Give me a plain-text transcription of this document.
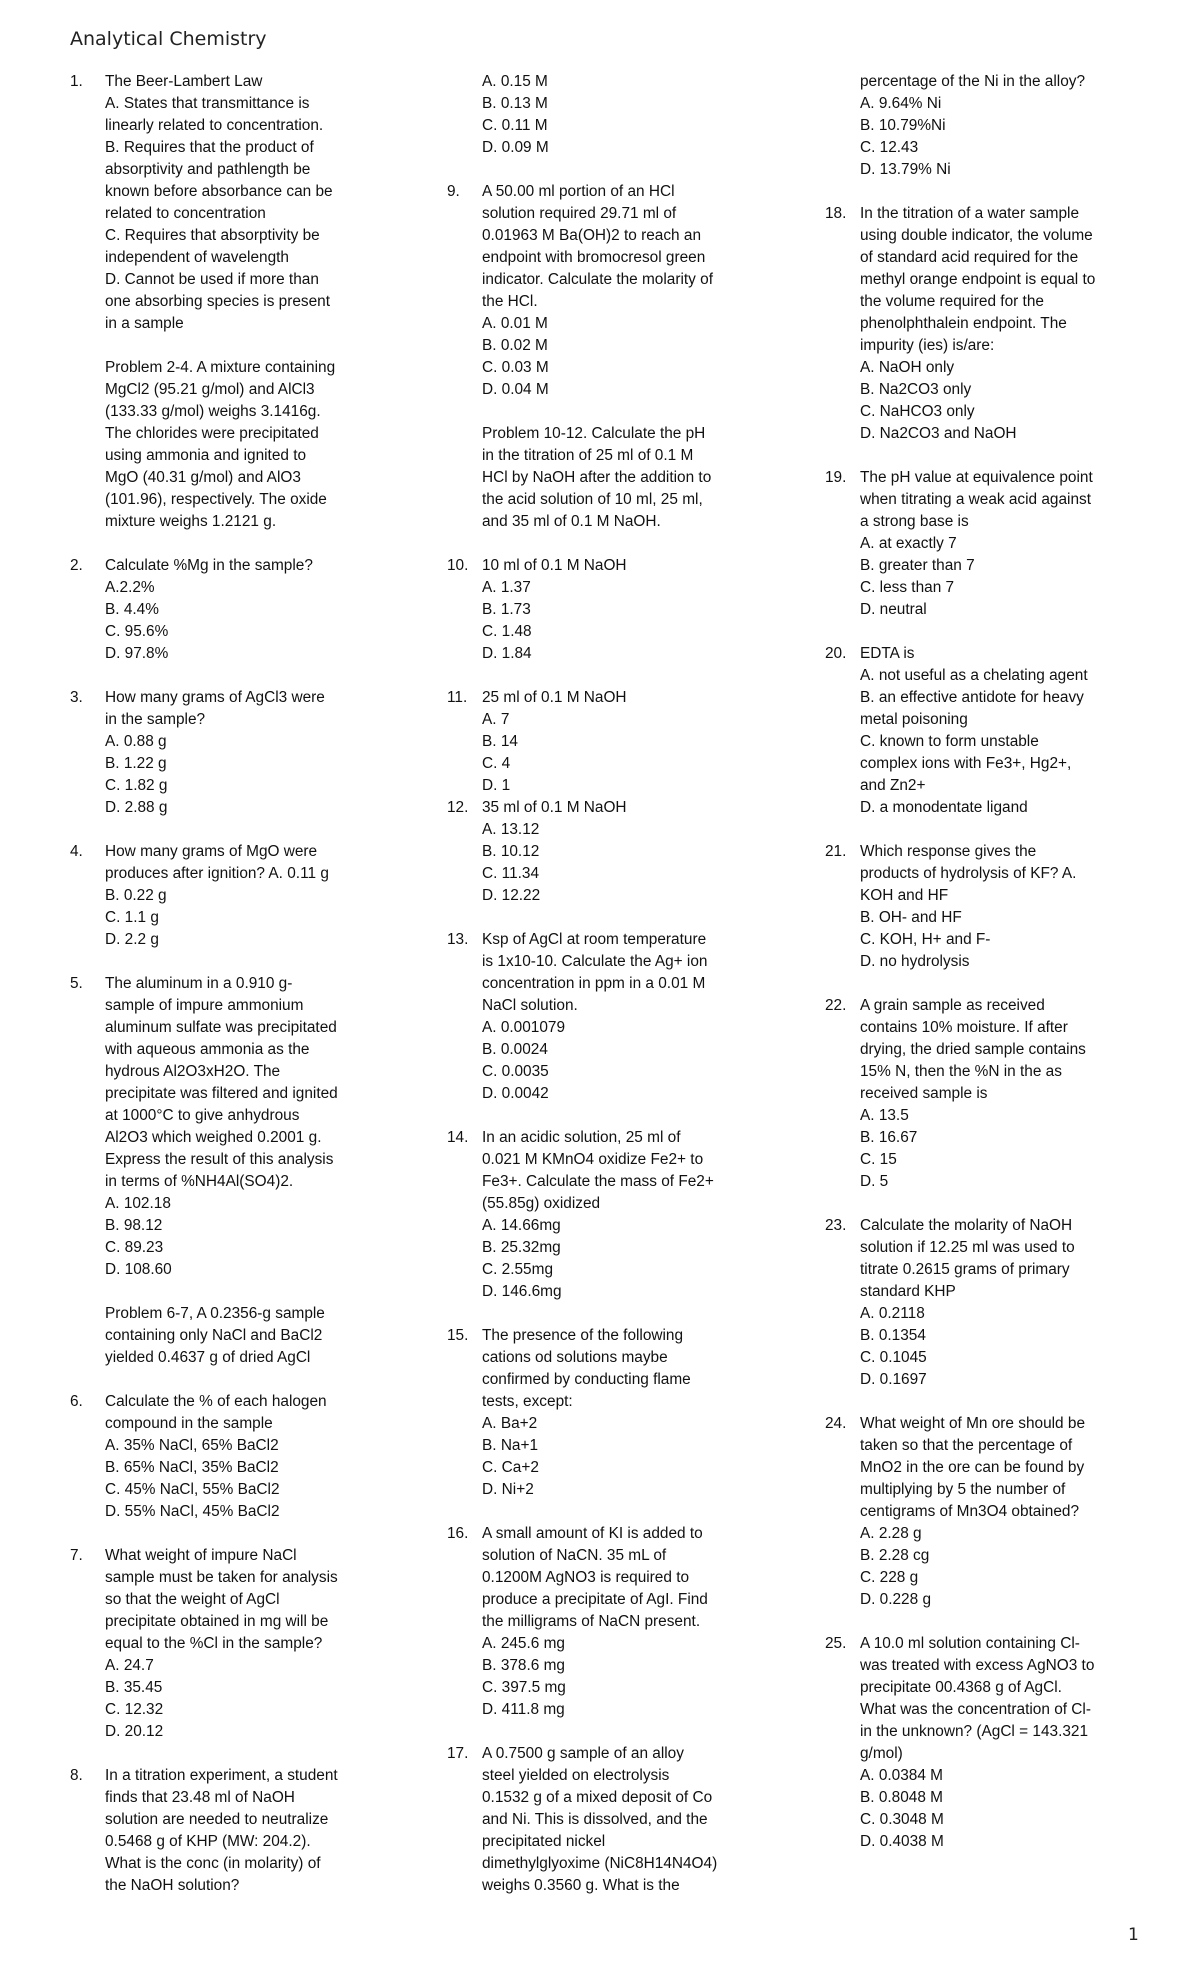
Analytical Chemistry
1.	The Beer-Lambert Law
A. States that transmittance is
linearly related to concentration.
B. Requires that the product of
absorptivity and pathlength be
known before absorbance can be
related to concentration
C. Requires that absorptivity be
independent of wavelength
D. Cannot be used if more than
one absorbing species is present
in a sample
Problem 2-4. A mixture containing
MgCl2 (95.21 g/mol) and AlCl3
(133.33 g/mol) weighs 3.1416g.
The chlorides were precipitated
using ammonia and ignited to
MgO (40.31 g/mol) and AlO3
(101.96), respectively. The oxide
mixture weighs 1.2121 g.
2.	Calculate %Mg in the sample?
A.2.2%
B. 4.4%
C. 95.6%
D. 97.8%
3.	How many grams of AgCl3 were
in the sample?
A. 0.88 g
B. 1.22 g
C. 1.82 g
D. 2.88 g
4.	How many grams of MgO were
produces after ignition? A. 0.11 g
B. 0.22 g
C. 1.1 g
D. 2.2 g
5.	The aluminum in a 0.910 g-
sample of impure ammonium
aluminum sulfate was precipitated
with aqueous ammonia as the
hydrous Al2O3xH2O. The
precipitate was filtered and ignited
at 1000°C to give anhydrous
Al2O3 which weighed 0.2001 g.
Express the result of this analysis
in terms of %NH4Al(SO4)2.
A. 102.18
B. 98.12
C. 89.23
D. 108.60
Problem 6-7, A 0.2356-g sample
containing only NaCl and BaCl2
yielded 0.4637 g of dried AgCl
6.	Calculate the % of each halogen
compound in the sample
A. 35% NaCl, 65% BaCl2
B. 65% NaCl, 35% BaCl2
C. 45% NaCl, 55% BaCl2
D. 55% NaCl, 45% BaCl2
7.	What weight of impure NaCl
sample must be taken for analysis
so that the weight of AgCl
precipitate obtained in mg will be
equal to the %Cl in the sample?
A. 24.7
B. 35.45
C. 12.32
D. 20.12
8.	In a titration experiment, a student
finds that 23.48 ml of NaOH
solution are needed to neutralize
0.5468 g of KHP (MW: 204.2).
What is the conc (in molarity) of
the NaOH solution?
A. 0.15 M
B. 0.13 M
C. 0.11 M
D. 0.09 M
9.	A 50.00 ml portion of an HCl
solution required 29.71 ml of
0.01963 M Ba(OH)2 to reach an
endpoint with bromocresol green
indicator. Calculate the molarity of
the HCl.
A. 0.01 M
B. 0.02 M
C. 0.03 M
D. 0.04 M
Problem 10-12. Calculate the pH
in the titration of 25 ml of 0.1 M
HCl by NaOH after the addition to
the acid solution of 10 ml, 25 ml,
and 35 ml of 0.1 M NaOH.
10. 10 ml of 0.1 M NaOH
A. 1.37
B. 1.73
C. 1.48
D. 1.84
11. 25 ml of 0.1 M NaOH
A. 7
B. 14
C. 4
D. 1
12. 35 ml of 0.1 M NaOH
A. 13.12
B. 10.12
C. 11.34
D. 12.22
13. Ksp of AgCl at room temperature
is 1x10-10. Calculate the Ag+ ion
concentration in ppm in a 0.01 M
NaCl solution.
A. 0.001079
B. 0.0024
C. 0.0035
D. 0.0042
14. In an acidic solution, 25 ml of
0.021 M KMnO4 oxidize Fe2+ to
Fe3+. Calculate the mass of Fe2+
(55.85g) oxidized
A. 14.66mg
B. 25.32mg
C. 2.55mg
D. 146.6mg
15. The presence of the following
cations od solutions maybe
confirmed by conducting flame
tests, except:
A. Ba+2
B. Na+1
C. Ca+2
D. Ni+2
16. A small amount of KI is added to
solution of NaCN. 35 mL of
0.1200M AgNO3 is required to
produce a precipitate of AgI. Find
the milligrams of NaCN present.
A. 245.6 mg
B. 378.6 mg
C. 397.5 mg
D. 411.8 mg
17. A 0.7500 g sample of an alloy
steel yielded on electrolysis
0.1532 g of a mixed deposit of Co
and Ni. This is dissolved, and the
precipitated nickel
dimethylglyoxime (NiC8H14N4O4)
weighs 0.3560 g. What is the
percentage of the Ni in the alloy?
A. 9.64% Ni
B. 10.79%Ni
C. 12.43
D. 13.79% Ni
18. In the titration of a water sample
using double indicator, the volume
of standard acid required for the
methyl orange endpoint is equal to
the volume required for the
phenolphthalein endpoint. The
impurity (ies) is/are:
A. NaOH only
B. Na2CO3 only
C. NaHCO3 only
D. Na2CO3 and NaOH
19. The pH value at equivalence point
when titrating a weak acid against
a strong base is
A. at exactly 7
B. greater than 7
C. less than 7
D. neutral
20. EDTA is
A. not useful as a chelating agent
B. an effective antidote for heavy
metal poisoning
C. known to form unstable
complex ions with Fe3+, Hg2+,
and Zn2+
D. a monodentate ligand
21. Which response gives the
products of hydrolysis of KF? A.
KOH and HF
B. OH- and HF
C. KOH, H+ and F-
D. no hydrolysis
22. A grain sample as received
contains 10% moisture. If after
drying, the dried sample contains
15% N, then the %N in the as
received sample is
A. 13.5
B. 16.67
C. 15
D. 5
23. Calculate the molarity of NaOH
solution if 12.25 ml was used to
titrate 0.2615 grams of primary
standard KHP
A. 0.2118
B. 0.1354
C. 0.1045
D. 0.1697
24. What weight of Mn ore should be
taken so that the percentage of
MnO2 in the ore can be found by
multiplying by 5 the number of
centigrams of Mn3O4 obtained?
A. 2.28 g
B. 2.28 cg
C. 228 g
D. 0.228 g
25. A 10.0 ml solution containing Cl-
was treated with excess AgNO3 to
precipitate 00.4368 g of AgCl.
What was the concentration of Cl-
in the unknown? (AgCl = 143.321
g/mol)
A. 0.0384 M
B. 0.8048 M
C. 0.3048 M
D. 0.4038 M
1
